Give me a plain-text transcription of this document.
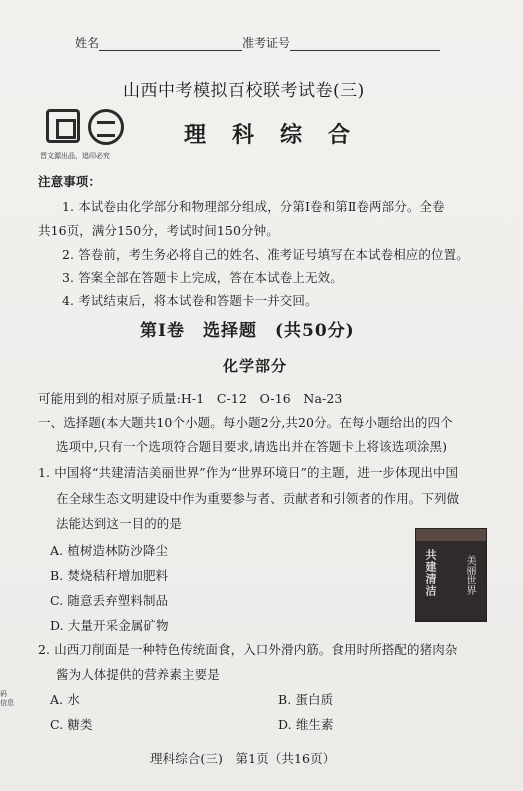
姓名	准考证号
山西中考模拟百校联考试卷(三)
晋文源出品，追印必究
理科综合
注意事项：
1. 本试卷由化学部分和物理部分组成，分第Ⅰ卷和第Ⅱ卷两部分。全卷
共16页，满分150分，考试时间150分钟。
2. 答卷前，考生务必将自己的姓名、准考证号填写在本试卷相应的位置。
3. 答案全部在答题卡上完成，答在本试卷上无效。
4. 考试结束后，将本试卷和答题卡一并交回。
第Ⅰ卷　选择题　(共50分)
化学部分
可能用到的相对原子质量:H-1　C-12　O-16　Na-23
一、选择题(本大题共10个小题。每小题2分,共20分。在每小题给出的四个
选项中,只有一个选项符合题目要求,请选出并在答题卡上将该选项涂黑)
1. 中国将“共建清洁美丽世界”作为“世界环境日”的主题，进一步体现出中国
在全球生态文明建设中作为重要参与者、贡献者和引领者的作用。下列做
法能达到这一目的的是
A. 植树造林防沙降尘
B. 焚烧秸秆增加肥料
C. 随意丢弃塑料制品
D. 大量开采金属矿物
共建清洁	美丽世界
2. 山西刀削面是一种特色传统面食，入口外滑内筋。食用时所搭配的猪肉杂
酱为人体提供的营养素主要是
A. 水	B. 蛋白质
C. 糖类	D. 维生素
理科综合(三)　第1页（共16页）
码 信息
